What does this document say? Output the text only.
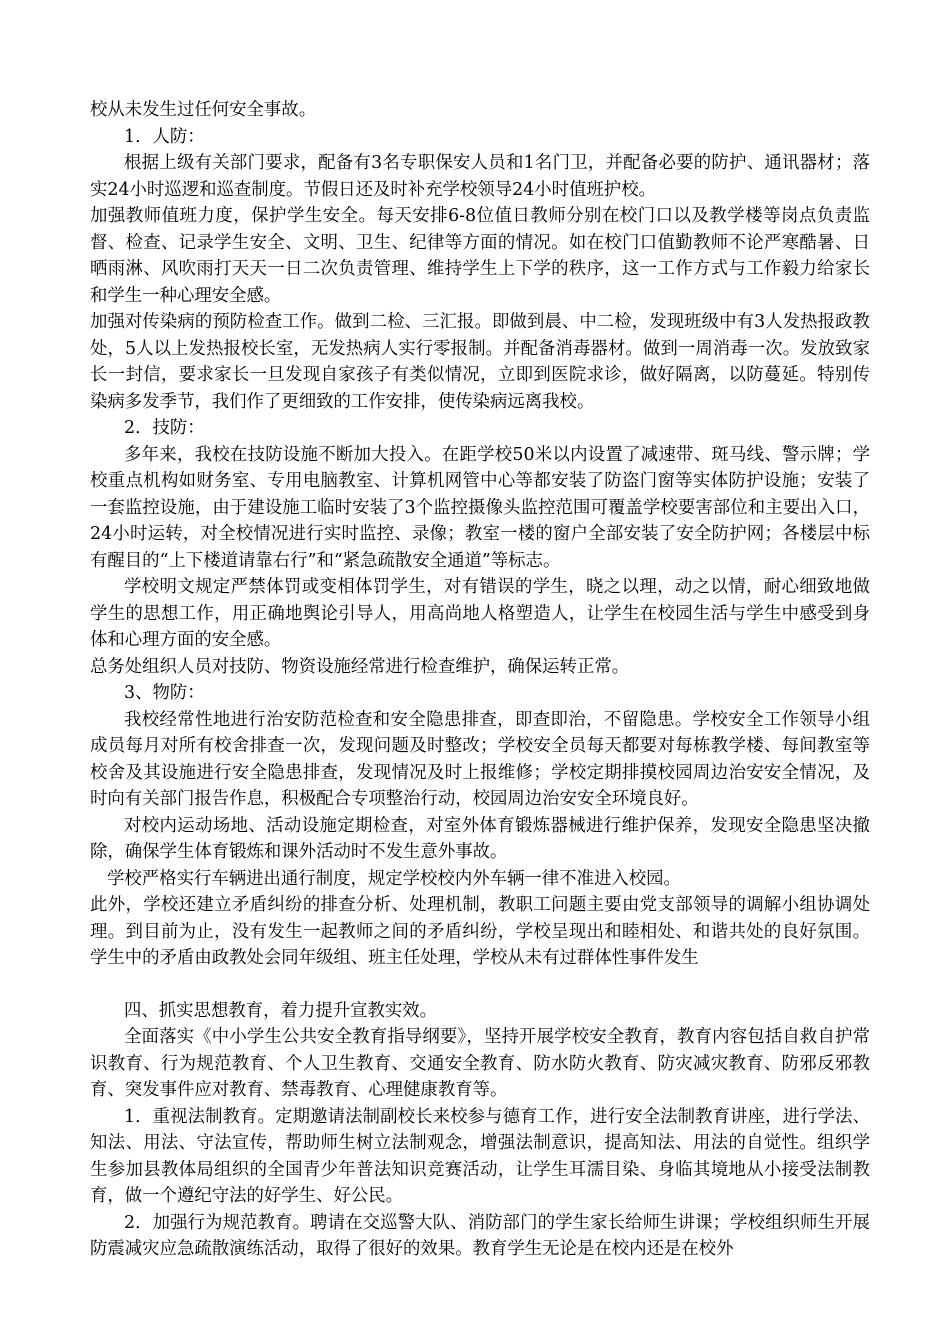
校从未发生过任何安全事故。

1．人防：

根据上级有关部门要求，配备有3名专职保安人员和1名门卫，并配备必要的防护、通讯器材；落实24小时巡逻和巡查制度。节假日还及时补充学校领导24小时值班护校。

加强教师值班力度，保护学生安全。每天安排6-8位值日教师分别在校门口以及教学楼等岗点负责监督、检查、记录学生安全、文明、卫生、纪律等方面的情况。如在校门口值勤教师不论严寒酷暑、日晒雨淋、风吹雨打天天一日二次负责管理、维持学生上下学的秩序，这一工作方式与工作毅力给家长和学生一种心理安全感。

加强对传染病的预防检查工作。做到二检、三汇报。即做到晨、中二检，发现班级中有3人发热报政教处，5人以上发热报校长室，无发热病人实行零报制。并配备消毒器材。做到一周消毒一次。发放致家长一封信，要求家长一旦发现自家孩子有类似情况，立即到医院求诊，做好隔离，以防蔓延。特别传染病多发季节，我们作了更细致的工作安排，使传染病远离我校。

2．技防：

多年来，我校在技防设施不断加大投入。在距学校50米以内设置了减速带、斑马线、警示牌；学校重点机构如财务室、专用电脑教室、计算机网管中心等都安装了防盗门窗等实体防护设施；安装了一套监控设施，由于建设施工临时安装了3个监控摄像头监控范围可覆盖学校要害部位和主要出入口，24小时运转，对全校情况进行实时监控、录像；教室一楼的窗户全部安装了安全防护网；各楼层中标有醒目的“上下楼道请靠右行”和“紧急疏散安全通道”等标志。

学校明文规定严禁体罚或变相体罚学生，对有错误的学生，晓之以理，动之以情，耐心细致地做学生的思想工作，用正确地舆论引导人，用高尚地人格塑造人，让学生在校园生活与学生中感受到身体和心理方面的安全感。

总务处组织人员对技防、物资设施经常进行检查维护，确保运转正常。

3、物防：

我校经常性地进行治安防范检查和安全隐患排查，即查即治，不留隐患。学校安全工作领导小组成员每月对所有校舍排查一次，发现问题及时整改；学校安全员每天都要对每栋教学楼、每间教室等校舍及其设施进行安全隐患排查，发现情况及时上报维修；学校定期排摸校园周边治安安全情况，及时向有关部门报告作息，积极配合专项整治行动，校园周边治安安全环境良好。

对校内运动场地、活动设施定期检查，对室外体育锻炼器械进行维护保养，发现安全隐患坚决撤除，确保学生体育锻炼和课外活动时不发生意外事故。

学校严格实行车辆进出通行制度，规定学校校内外车辆一律不准进入校园。

此外，学校还建立矛盾纠纷的排查分析、处理机制，教职工问题主要由党支部领导的调解小组协调处理。到目前为止，没有发生一起教师之间的矛盾纠纷，学校呈现出和睦相处、和谐共处的良好氛围。学生中的矛盾由政教处会同年级组、班主任处理，学校从未有过群体性事件发生

四、抓实思想教育，着力提升宣教实效。

全面落实《中小学生公共安全教育指导纲要》，坚持开展学校安全教育，教育内容包括自救自护常识教育、行为规范教育、个人卫生教育、交通安全教育、防水防火教育、防灾减灾教育、防邪反邪教育、突发事件应对教育、禁毒教育、心理健康教育等。

1．重视法制教育。定期邀请法制副校长来校参与德育工作，进行安全法制教育讲座，进行学法、知法、用法、守法宣传，帮助师生树立法制观念，增强法制意识，提高知法、用法的自觉性。组织学生参加县教体局组织的全国青少年普法知识竞赛活动，让学生耳濡目染、身临其境地从小接受法制教育，做一个遵纪守法的好学生、好公民。

2．加强行为规范教育。聘请在交巡警大队、消防部门的学生家长给师生讲课；学校组织师生开展防震减灾应急疏散演练活动，取得了很好的效果。教育学生无论是在校内还是在校外
